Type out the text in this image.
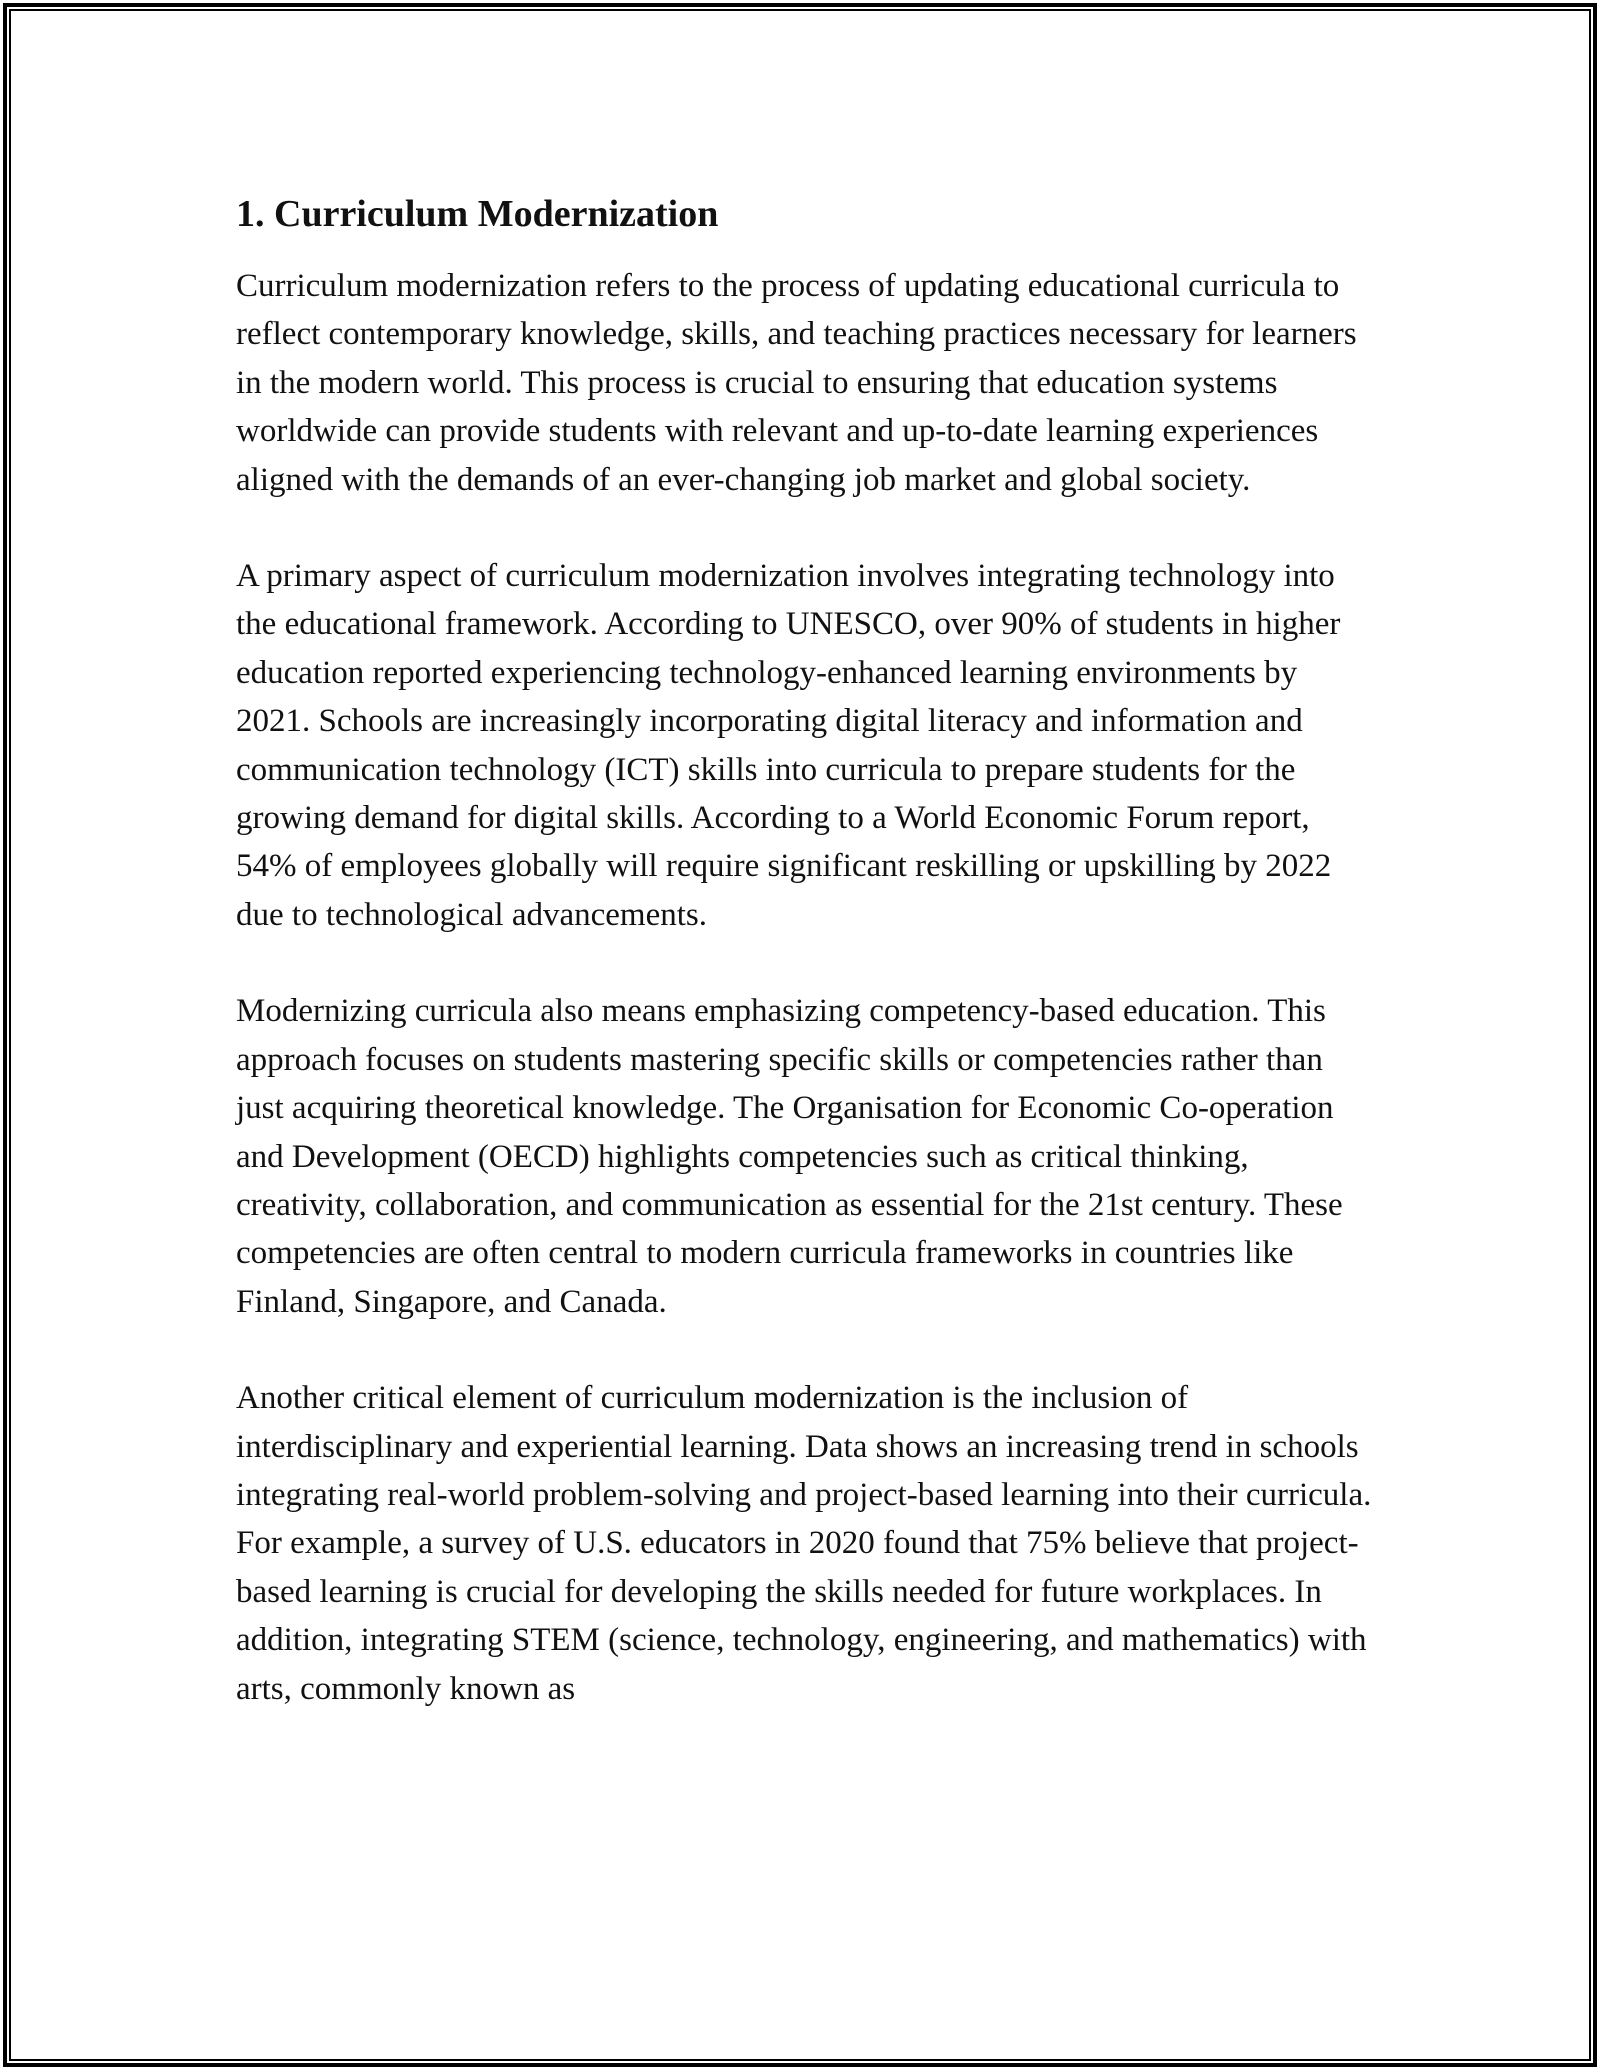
1. Curriculum Modernization

Curriculum modernization refers to the process of updating educational curricula to reflect contemporary knowledge, skills, and teaching practices necessary for learners in the modern world. This process is crucial to ensuring that education systems worldwide can provide students with relevant and up-to-date learning experiences aligned with the demands of an ever-changing job market and global society.

A primary aspect of curriculum modernization involves integrating technology into the educational framework. According to UNESCO, over 90% of students in higher education reported experiencing technology-enhanced learning environments by 2021. Schools are increasingly incorporating digital literacy and information and communication technology (ICT) skills into curricula to prepare students for the growing demand for digital skills. According to a World Economic Forum report, 54% of employees globally will require significant reskilling or upskilling by 2022 due to technological advancements.

Modernizing curricula also means emphasizing competency-based education. This approach focuses on students mastering specific skills or competencies rather than just acquiring theoretical knowledge. The Organisation for Economic Co-operation and Development (OECD) highlights competencies such as critical thinking, creativity, collaboration, and communication as essential for the 21st century. These competencies are often central to modern curricula frameworks in countries like Finland, Singapore, and Canada.

Another critical element of curriculum modernization is the inclusion of interdisciplinary and experiential learning. Data shows an increasing trend in schools integrating real-world problem-solving and project-based learning into their curricula. For example, a survey of U.S. educators in 2020 found that 75% believe that project-based learning is crucial for developing the skills needed for future workplaces. In addition, integrating STEM (science, technology, engineering, and mathematics) with arts, commonly known as
